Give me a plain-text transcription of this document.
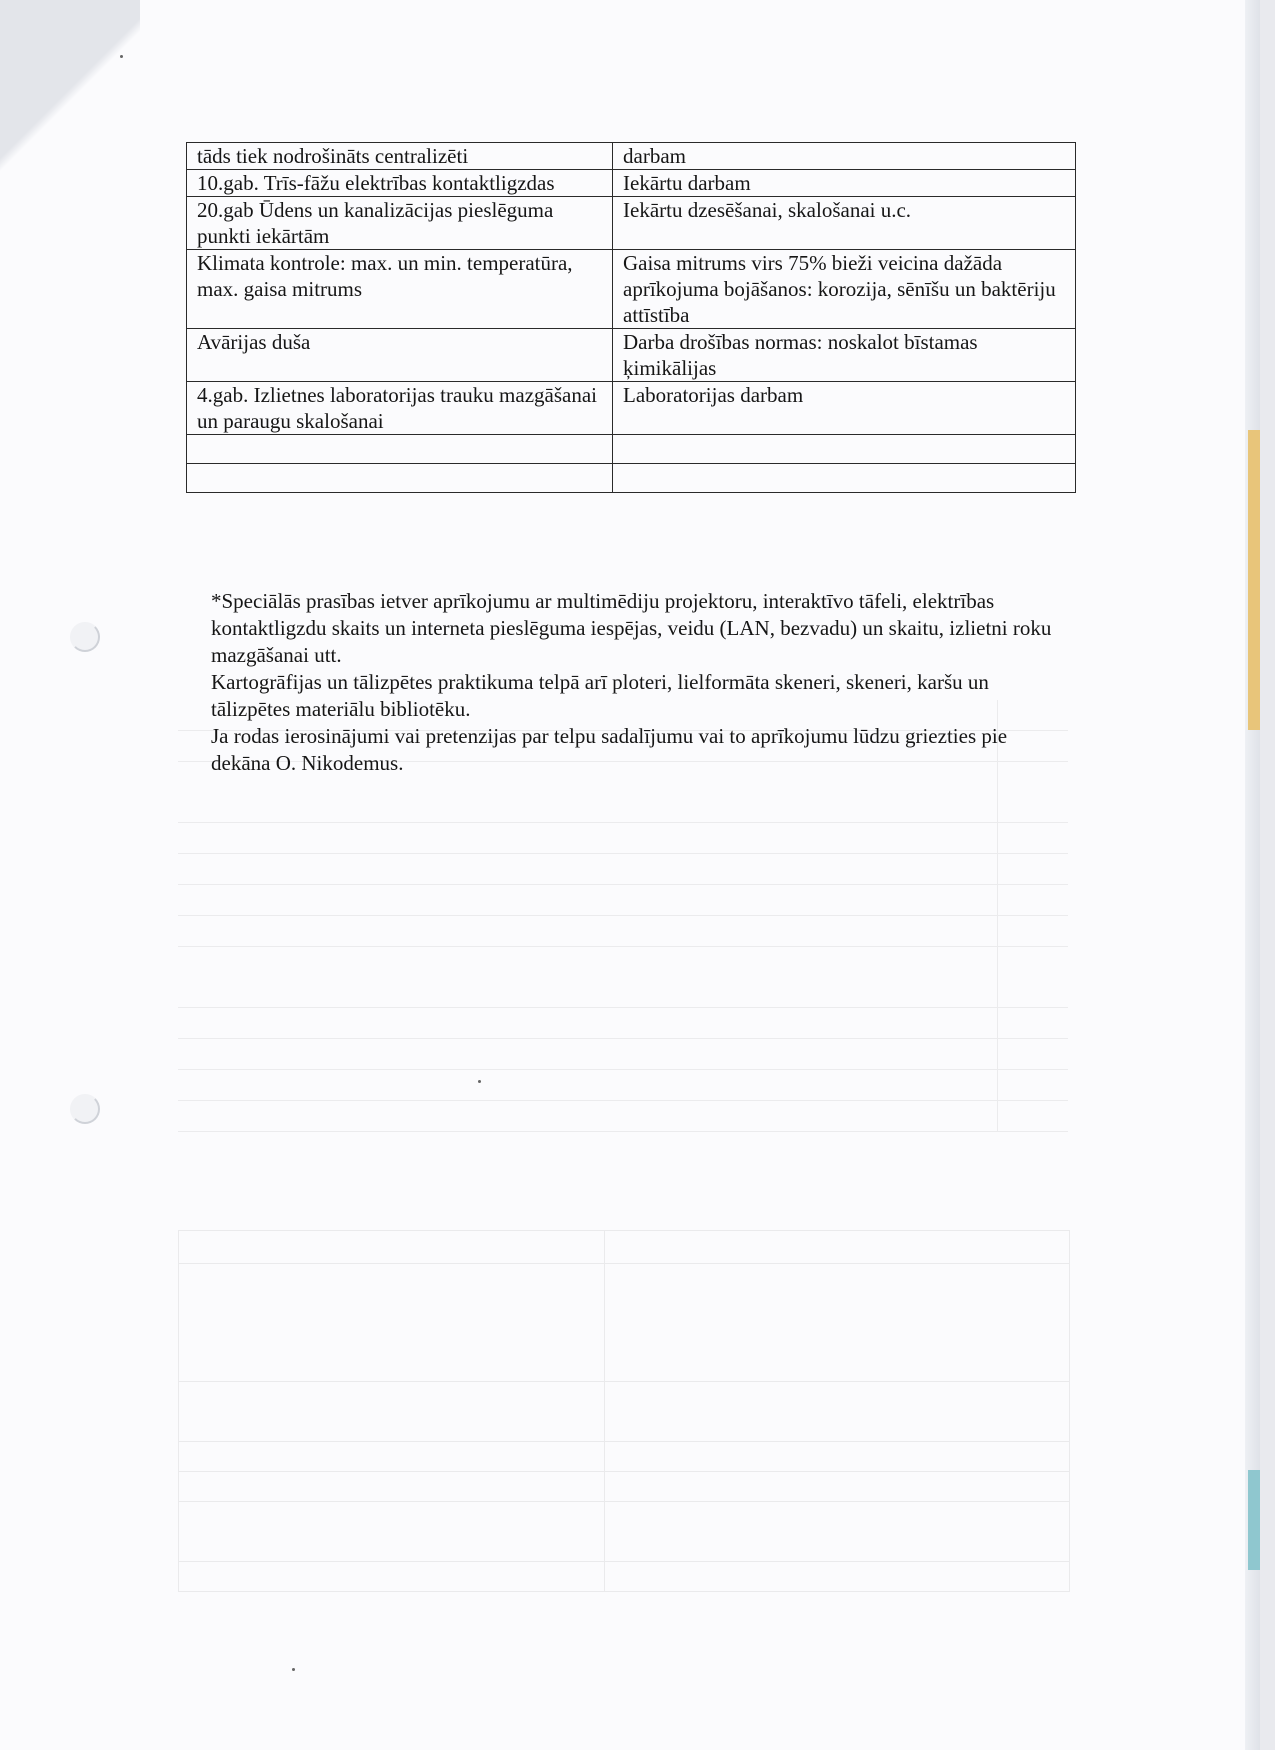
tāds tiek nodrošināts centralizēti	darbam
10.gab. Trīs-fāžu elektrības kontaktligzdas	Iekārtu darbam
20.gab Ūdens un kanalizācijas pieslēguma punkti iekārtām	Iekārtu dzesēšanai, skalošanai u.c.
Klimata kontrole: max. un min. temperatūra, max. gaisa mitrums	Gaisa mitrums virs 75% bieži veicina dažāda aprīkojuma bojāšanos: korozija, sēnīšu un baktēriju attīstība
Avārijas duša	Darba drošības normas: noskalot bīstamas ķimikālijas
4.gab. Izlietnes laboratorijas trauku mazgāšanai un paraugu skalošanai	Laboratorijas darbam

*Speciālās prasības ietver aprīkojumu ar multimēdiju projektoru, interaktīvo tāfeli, elektrības kontaktligzdu skaits un interneta pieslēguma iespējas, veidu (LAN, bezvadu) un skaitu, izlietni roku mazgāšanai utt.

Kartogrāfijas un tālizpētes praktikuma telpā arī ploteri, lielformāta skeneri, skeneri, karšu un tālizpētes materiālu bibliotēku.

Ja rodas ierosinājumi vai pretenzijas par telpu sadalījumu vai to aprīkojumu lūdzu griezties pie dekāna O. Nikodemus.
